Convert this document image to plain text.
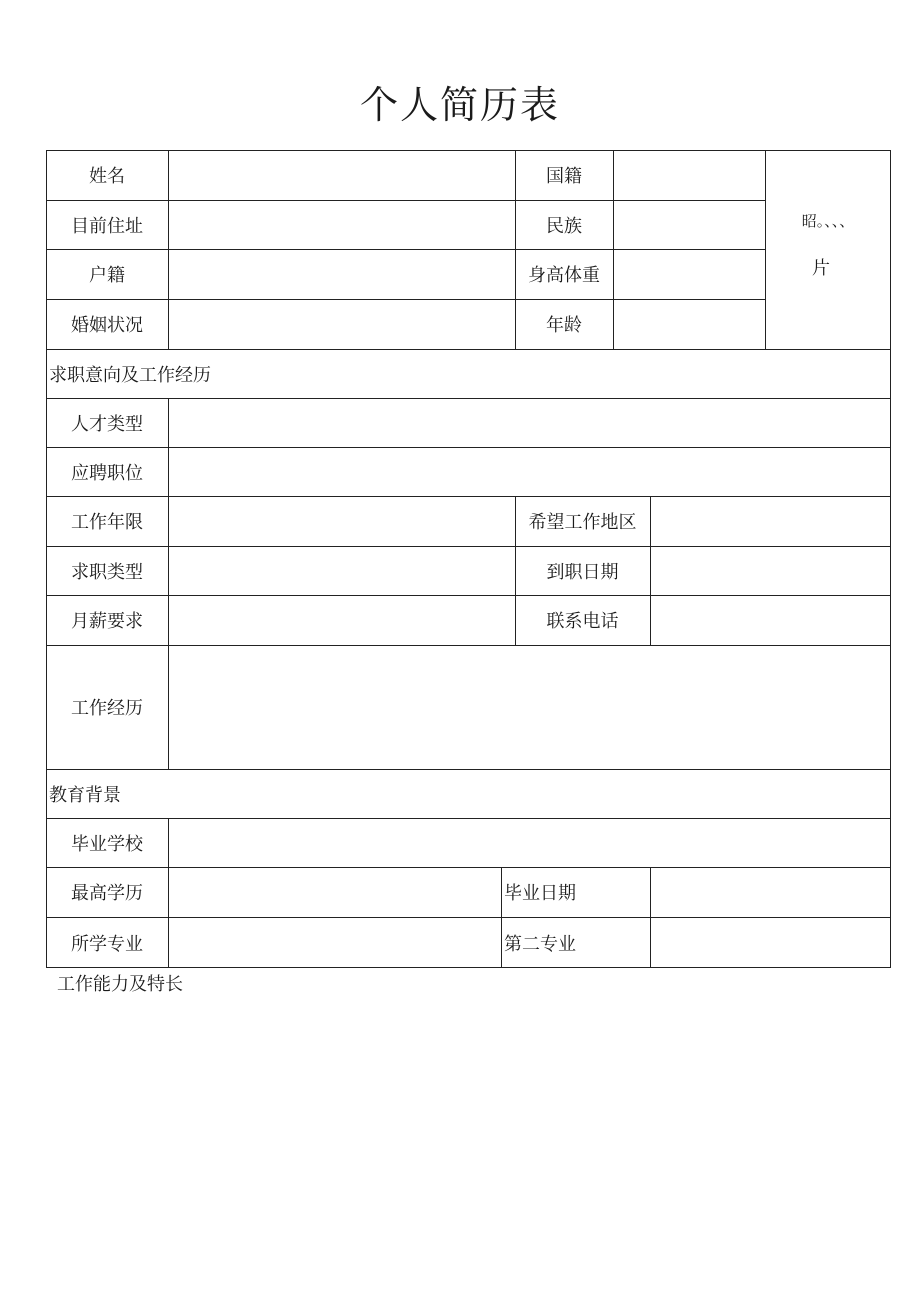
个人简历表
姓名	国籍
目前住址	民族
户籍	身高体重
婚姻状况	年龄
昭。、、、
片
求职意向及工作经历
人才类型
应聘职位
工作年限	希望工作地区
求职类型	到职日期
月薪要求	联系电话
工作经历
教育背景
毕业学校
最高学历	毕业日期
所学专业	第二专业
工作能力及特长
